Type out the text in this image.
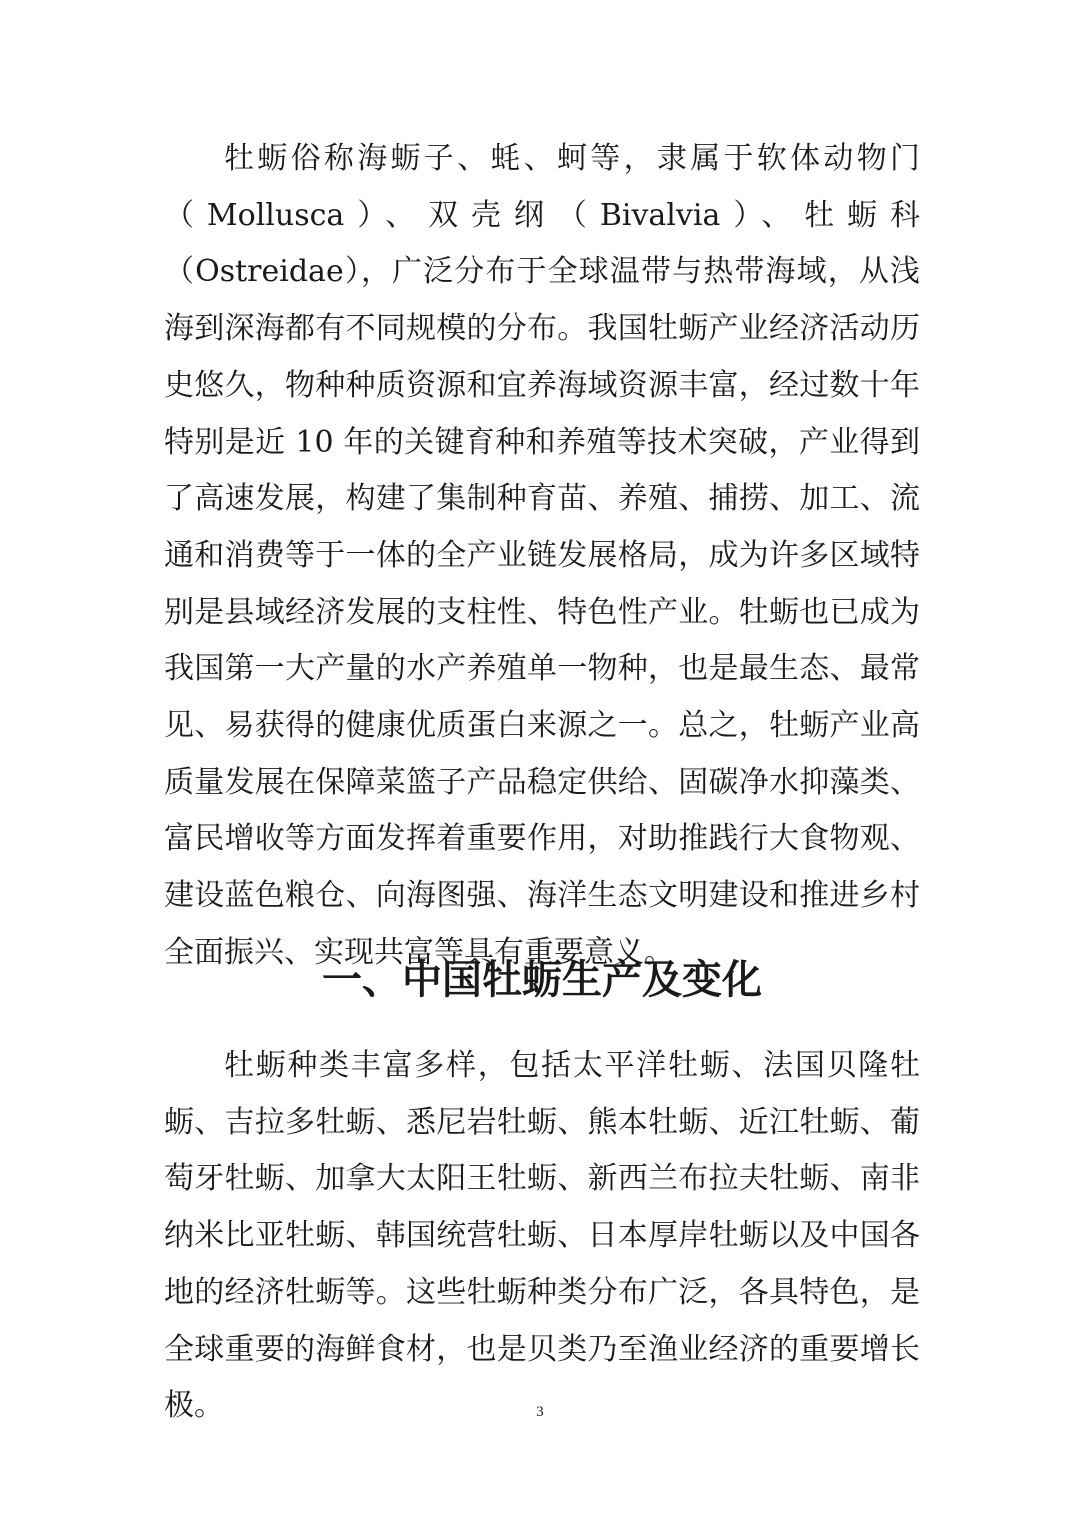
牡蛎俗称海蛎子、蚝、蚵等，隶属于软体动物门（Mollusca）、双壳纲（Bivalvia）、牡蛎科（Ostreidae），广泛分布于全球温带与热带海域，从浅海到深海都有不同规模的分布。我国牡蛎产业经济活动历史悠久，物种种质资源和宜养海域资源丰富，经过数十年特别是近 10 年的关键育种和养殖等技术突破，产业得到了高速发展，构建了集制种育苗、养殖、捕捞、加工、流通和消费等于一体的全产业链发展格局，成为许多区域特别是县域经济发展的支柱性、特色性产业。牡蛎也已成为我国第一大产量的水产养殖单一物种，也是最生态、最常见、易获得的健康优质蛋白来源之一。总之，牡蛎产业高质量发展在保障菜篮子产品稳定供给、固碳净水抑藻类、富民增收等方面发挥着重要作用，对助推践行大食物观、建设蓝色粮仓、向海图强、海洋生态文明建设和推进乡村全面振兴、实现共富等具有重要意义。

一、中国牡蛎生产及变化

牡蛎种类丰富多样，包括太平洋牡蛎、法国贝隆牡蛎、吉拉多牡蛎、悉尼岩牡蛎、熊本牡蛎、近江牡蛎、葡萄牙牡蛎、加拿大太阳王牡蛎、新西兰布拉夫牡蛎、南非纳米比亚牡蛎、韩国统营牡蛎、日本厚岸牡蛎以及中国各地的经济牡蛎等。这些牡蛎种类分布广泛，各具特色，是全球重要的海鲜食材，也是贝类乃至渔业经济的重要增长极。	3
